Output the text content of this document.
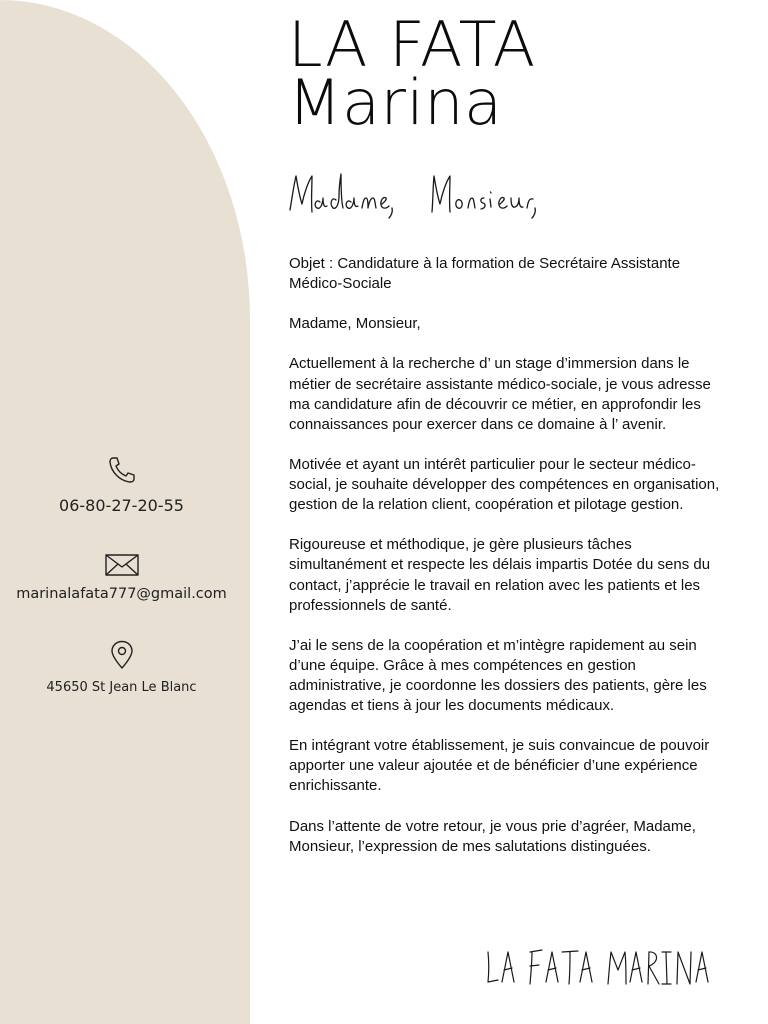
LA FATA
Marina

Objet : Candidature à la formation de Secrétaire Assistante Médico-Sociale

Madame, Monsieur,

Actuellement à la recherche d’ un stage d’immersion dans le métier de secrétaire assistante médico-sociale, je vous adresse ma candidature afin de découvrir ce métier, en approfondir les connaissances pour exercer dans ce domaine à l’ avenir.

Motivée et ayant un intérêt particulier pour le secteur médico-social, je souhaite développer des compétences en organisation, gestion de la relation client, coopération et pilotage gestion.

Rigoureuse et méthodique, je gère plusieurs tâches simultanément et respecte les délais impartis Dotée du sens du contact, j’apprécie le travail en relation avec les patients et les professionnels de santé.

J’ai le sens de la coopération et m’intègre rapidement au sein d’une équipe. Grâce à mes compétences en gestion administrative, je coordonne les dossiers des patients, gère les agendas et tiens à jour les documents médicaux.

En intégrant votre établissement, je suis convaincue de pouvoir apporter une valeur ajoutée et de bénéficier d’une expérience enrichissante.

Dans l’attente de votre retour, je vous prie d’agréer, Madame, Monsieur, l’expression de mes salutations distinguées.

06-80-27-20-55
marinalafata777@gmail.com
45650 St Jean Le Blanc
